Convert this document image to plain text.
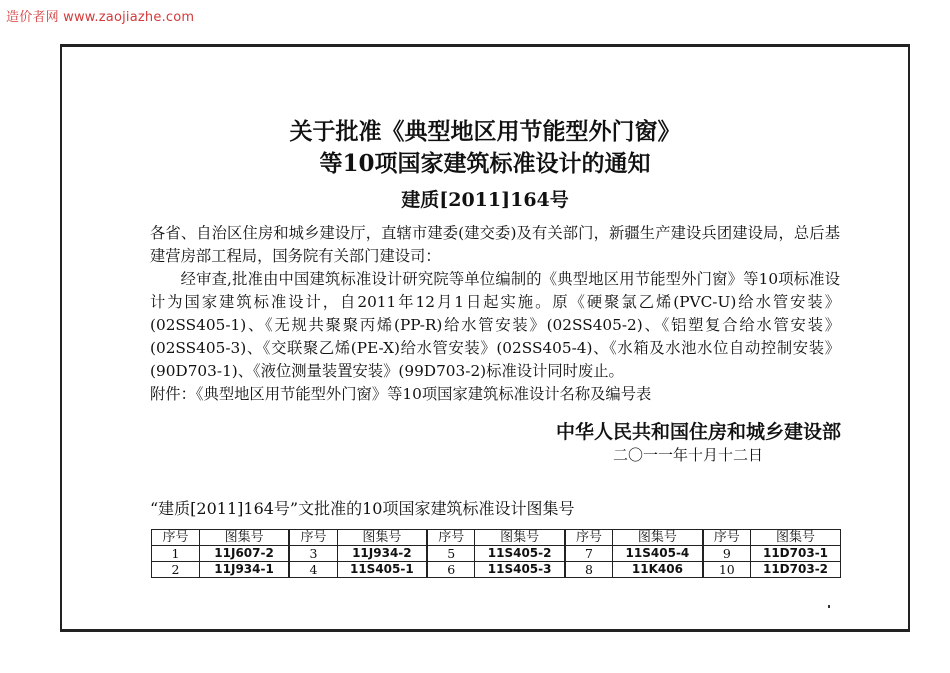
造价者网 www.zaojiazhe.com
关于批准《典型地区用节能型外门窗》
等10项国家建筑标准设计的通知
建质[2011]164号

各省、自治区住房和城乡建设厅，直辖市建委(建交委)及有关部门，新疆生产建设兵团建设局，总后基建营房部工程局，国务院有关部门建设司：

经审查,批准由中国建筑标准设计研究院等单位编制的《典型地区用节能型外门窗》等10项标准设计为国家建筑标准设计，自2011年12月1日起实施。原《硬聚氯乙烯(PVC-U)给水管安装》(02SS405-1)、《无规共聚聚丙烯(PP-R)给水管安装》(02SS405-2)、《铝塑复合给水管安装》(02SS405-3)、《交联聚乙烯(PE-X)给水管安装》(02SS405-4)、《水箱及水池水位自动控制安装》(90D703-1)、《液位测量装置安装》(99D703-2)标准设计同时废止。

附件：《典型地区用节能型外门窗》等10项国家建筑标准设计名称及编号表

中华人民共和国住房和城乡建设部
二〇一一年十月十二日
“建质[2011]164号”文批准的10项国家建筑标准设计图集号
序号	图集号	序号	图集号	序号	图集号	序号	图集号	序号	图集号
1	11J607-2	3	11J934-2	5	11S405-2	7	11S405-4	9	11D703-1
2	11J934-1	4	11S405-1	6	11S405-3	8	11K406	10	11D703-2
